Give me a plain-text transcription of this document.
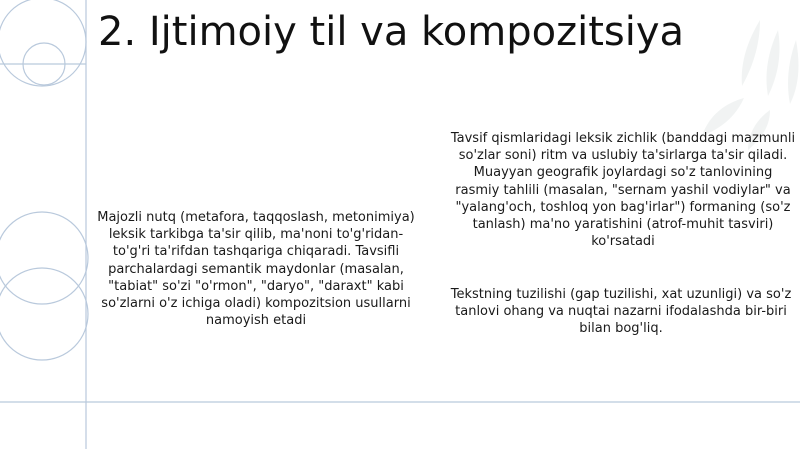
2. Ijtimoiy til va kompozitsiya
Majozli nutq (metafora, taqqoslash, metonimiya) leksik tarkibga ta'sir qilib, ma'noni to'g'ridan-to'g'ri ta'rifdan tashqariga chiqaradi. Tavsifli parchalardagi semantik maydonlar (masalan, "tabiat" so'zi "o'rmon", "daryo", "daraxt" kabi so'zlarni o'z ichiga oladi) kompozitsion usullarni namoyish etadi
Tavsif qismlaridagi leksik zichlik (banddagi mazmunli so'zlar soni) ritm va uslubiy ta'sirlarga ta'sir qiladi. Muayyan geografik joylardagi so'z tanlovining rasmiy tahlili (masalan, "sernam yashil vodiylar" va "yalang'och, toshloq yon bag'irlar") formaning (so'z tanlash) ma'no yaratishini (atrof-muhit tasviri) ko'rsatadi
Tekstning tuzilishi (gap tuzilishi, xat uzunligi) va so'z tanlovi ohang va nuqtai nazarni ifodalashda bir-biri bilan bog'liq.
